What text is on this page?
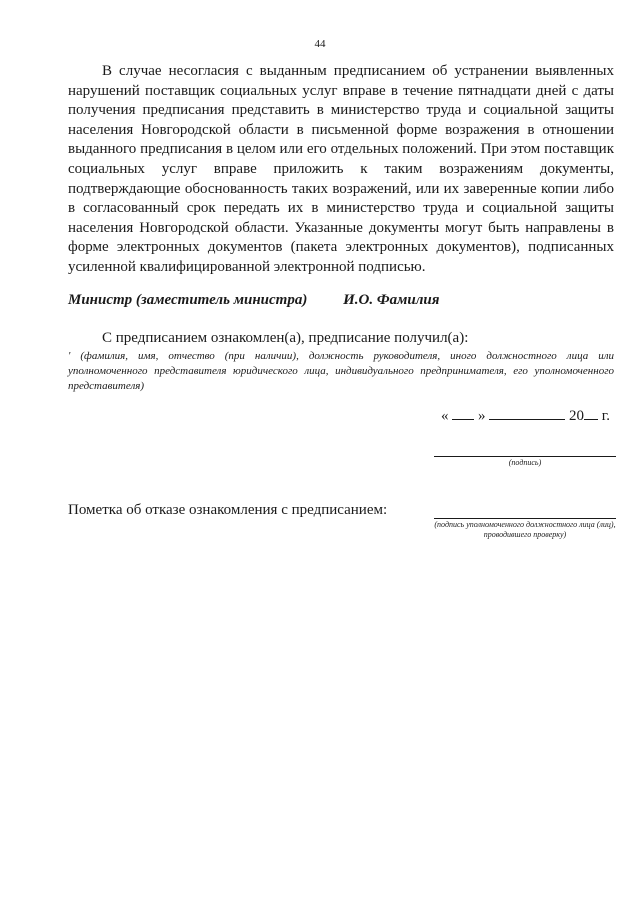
44

В случае несогласия с выданным предписанием об устранении выявленных нарушений поставщик социальных услуг вправе в течение пятнадцати дней с даты получения предписания представить в министерство труда и социальной защиты населения Новгородской области в письменной форме возражения в отношении выданного предписания в целом или его отдельных положений. При этом поставщик социальных услуг вправе приложить к таким возражениям документы, подтверждающие обоснованность таких возражений, или их заверенные копии либо в согласованный срок передать их в министерство труда и социальной защиты населения Новгородской области. Указанные документы могут быть направлены в форме электронных документов (пакета электронных документов), подписанных усиленной квалифицированной электронной подписью.

Министр (заместитель министра) И.О. Фамилия
С предписанием ознакомлен(а), предписание получил(а):

' (фамилия, имя, отчество (при наличии), должность руководителя, иного должностного лица или уполномоченного представителя юридического лица, индивидуального предпринимателя, его уполномоченного представителя)

« »	20 г.
(подпись)
Пометка об отказе ознакомления с предписанием:
(подпись уполномоченного должностного лица (лиц), проводившего проверку)
